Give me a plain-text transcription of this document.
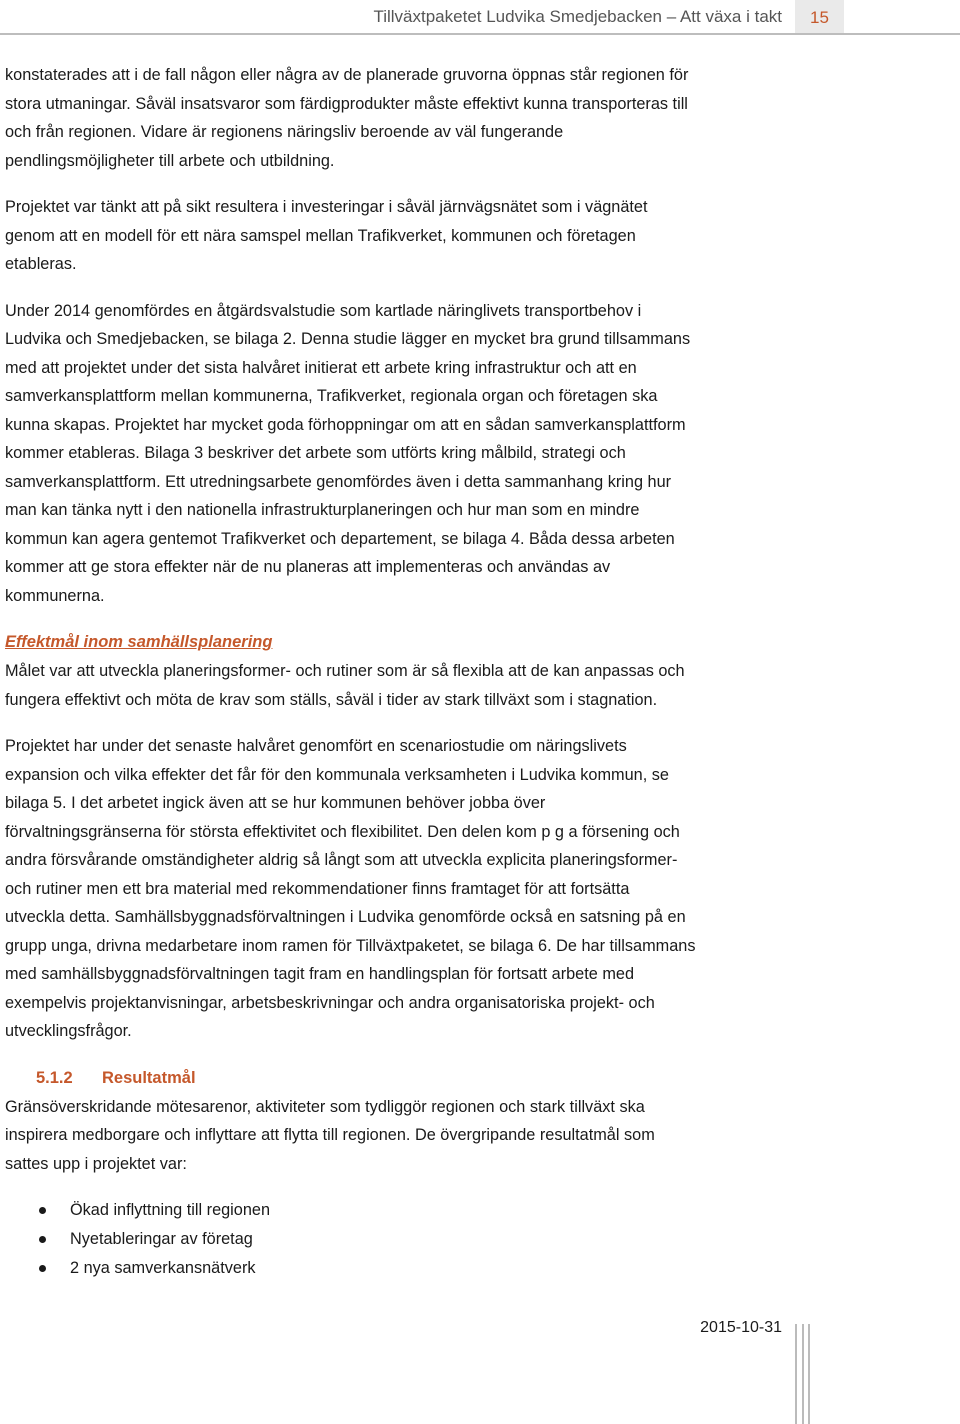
Tillväxtpaketet Ludvika Smedjebacken – Att växa i takt	15

konstaterades att i de fall någon eller några av de planerade gruvorna öppnas står regionen för
stora utmaningar. Såväl insatsvaror som färdigprodukter måste effektivt kunna transporteras till
och från regionen. Vidare är regionens näringsliv beroende av väl fungerande
pendlingsmöjligheter till arbete och utbildning.

Projektet var tänkt att på sikt resultera i investeringar i såväl järnvägsnätet som i vägnätet
genom att en modell för ett nära samspel mellan Trafikverket, kommunen och företagen
etableras.

Under 2014 genomfördes en åtgärdsvalstudie som kartlade näringlivets transportbehov i
Ludvika och Smedjebacken, se bilaga 2. Denna studie lägger en mycket bra grund tillsammans
med att projektet under det sista halvåret initierat ett arbete kring infrastruktur och att en
samverkansplattform mellan kommunerna, Trafikverket, regionala organ och företagen ska
kunna skapas. Projektet har mycket goda förhoppningar om att en sådan samverkansplattform
kommer etableras. Bilaga 3 beskriver det arbete som utförts kring målbild, strategi och
samverkansplattform. Ett utredningsarbete genomfördes även i detta sammanhang kring hur
man kan tänka nytt i den nationella infrastrukturplaneringen och hur man som en mindre
kommun kan agera gentemot Trafikverket och departement, se bilaga 4. Båda dessa arbeten
kommer att ge stora effekter när de nu planeras att implementeras och användas av
kommunerna.

Effektmål inom samhällsplanering

Målet var att utveckla planeringsformer- och rutiner som är så flexibla att de kan anpassas och
fungera effektivt och möta de krav som ställs, såväl i tider av stark tillväxt som i stagnation.

Projektet har under det senaste halvåret genomfört en scenariostudie om näringslivets
expansion och vilka effekter det får för den kommunala verksamheten i Ludvika kommun, se
bilaga 5. I det arbetet ingick även att se hur kommunen behöver jobba över
förvaltningsgränserna för största effektivitet och flexibilitet. Den delen kom p g a försening och
andra försvårande omständigheter aldrig så långt som att utveckla explicita planeringsformer-
och rutiner men ett bra material med rekommendationer finns framtaget för att fortsätta
utveckla detta. Samhällsbyggnadsförvaltningen i Ludvika genomförde också en satsning på en
grupp unga, drivna medarbetare inom ramen för Tillväxtpaketet, se bilaga 6. De har tillsammans
med samhällsbyggnadsförvaltningen tagit fram en handlingsplan för fortsatt arbete med
exempelvis projektanvisningar, arbetsbeskrivningar och andra organisatoriska projekt- och
utvecklingsfrågor.

5.1.2 Resultatmål

Gränsöverskridande mötesarenor, aktiviteter som tydliggör regionen och stark tillväxt ska
inspirera medborgare och inflyttare att flytta till regionen. De övergripande resultatmål som
sattes upp i projektet var:

Ökad inflyttning till regionen
Nyetableringar av företag
2 nya samverkansnätverk
2015-10-31
